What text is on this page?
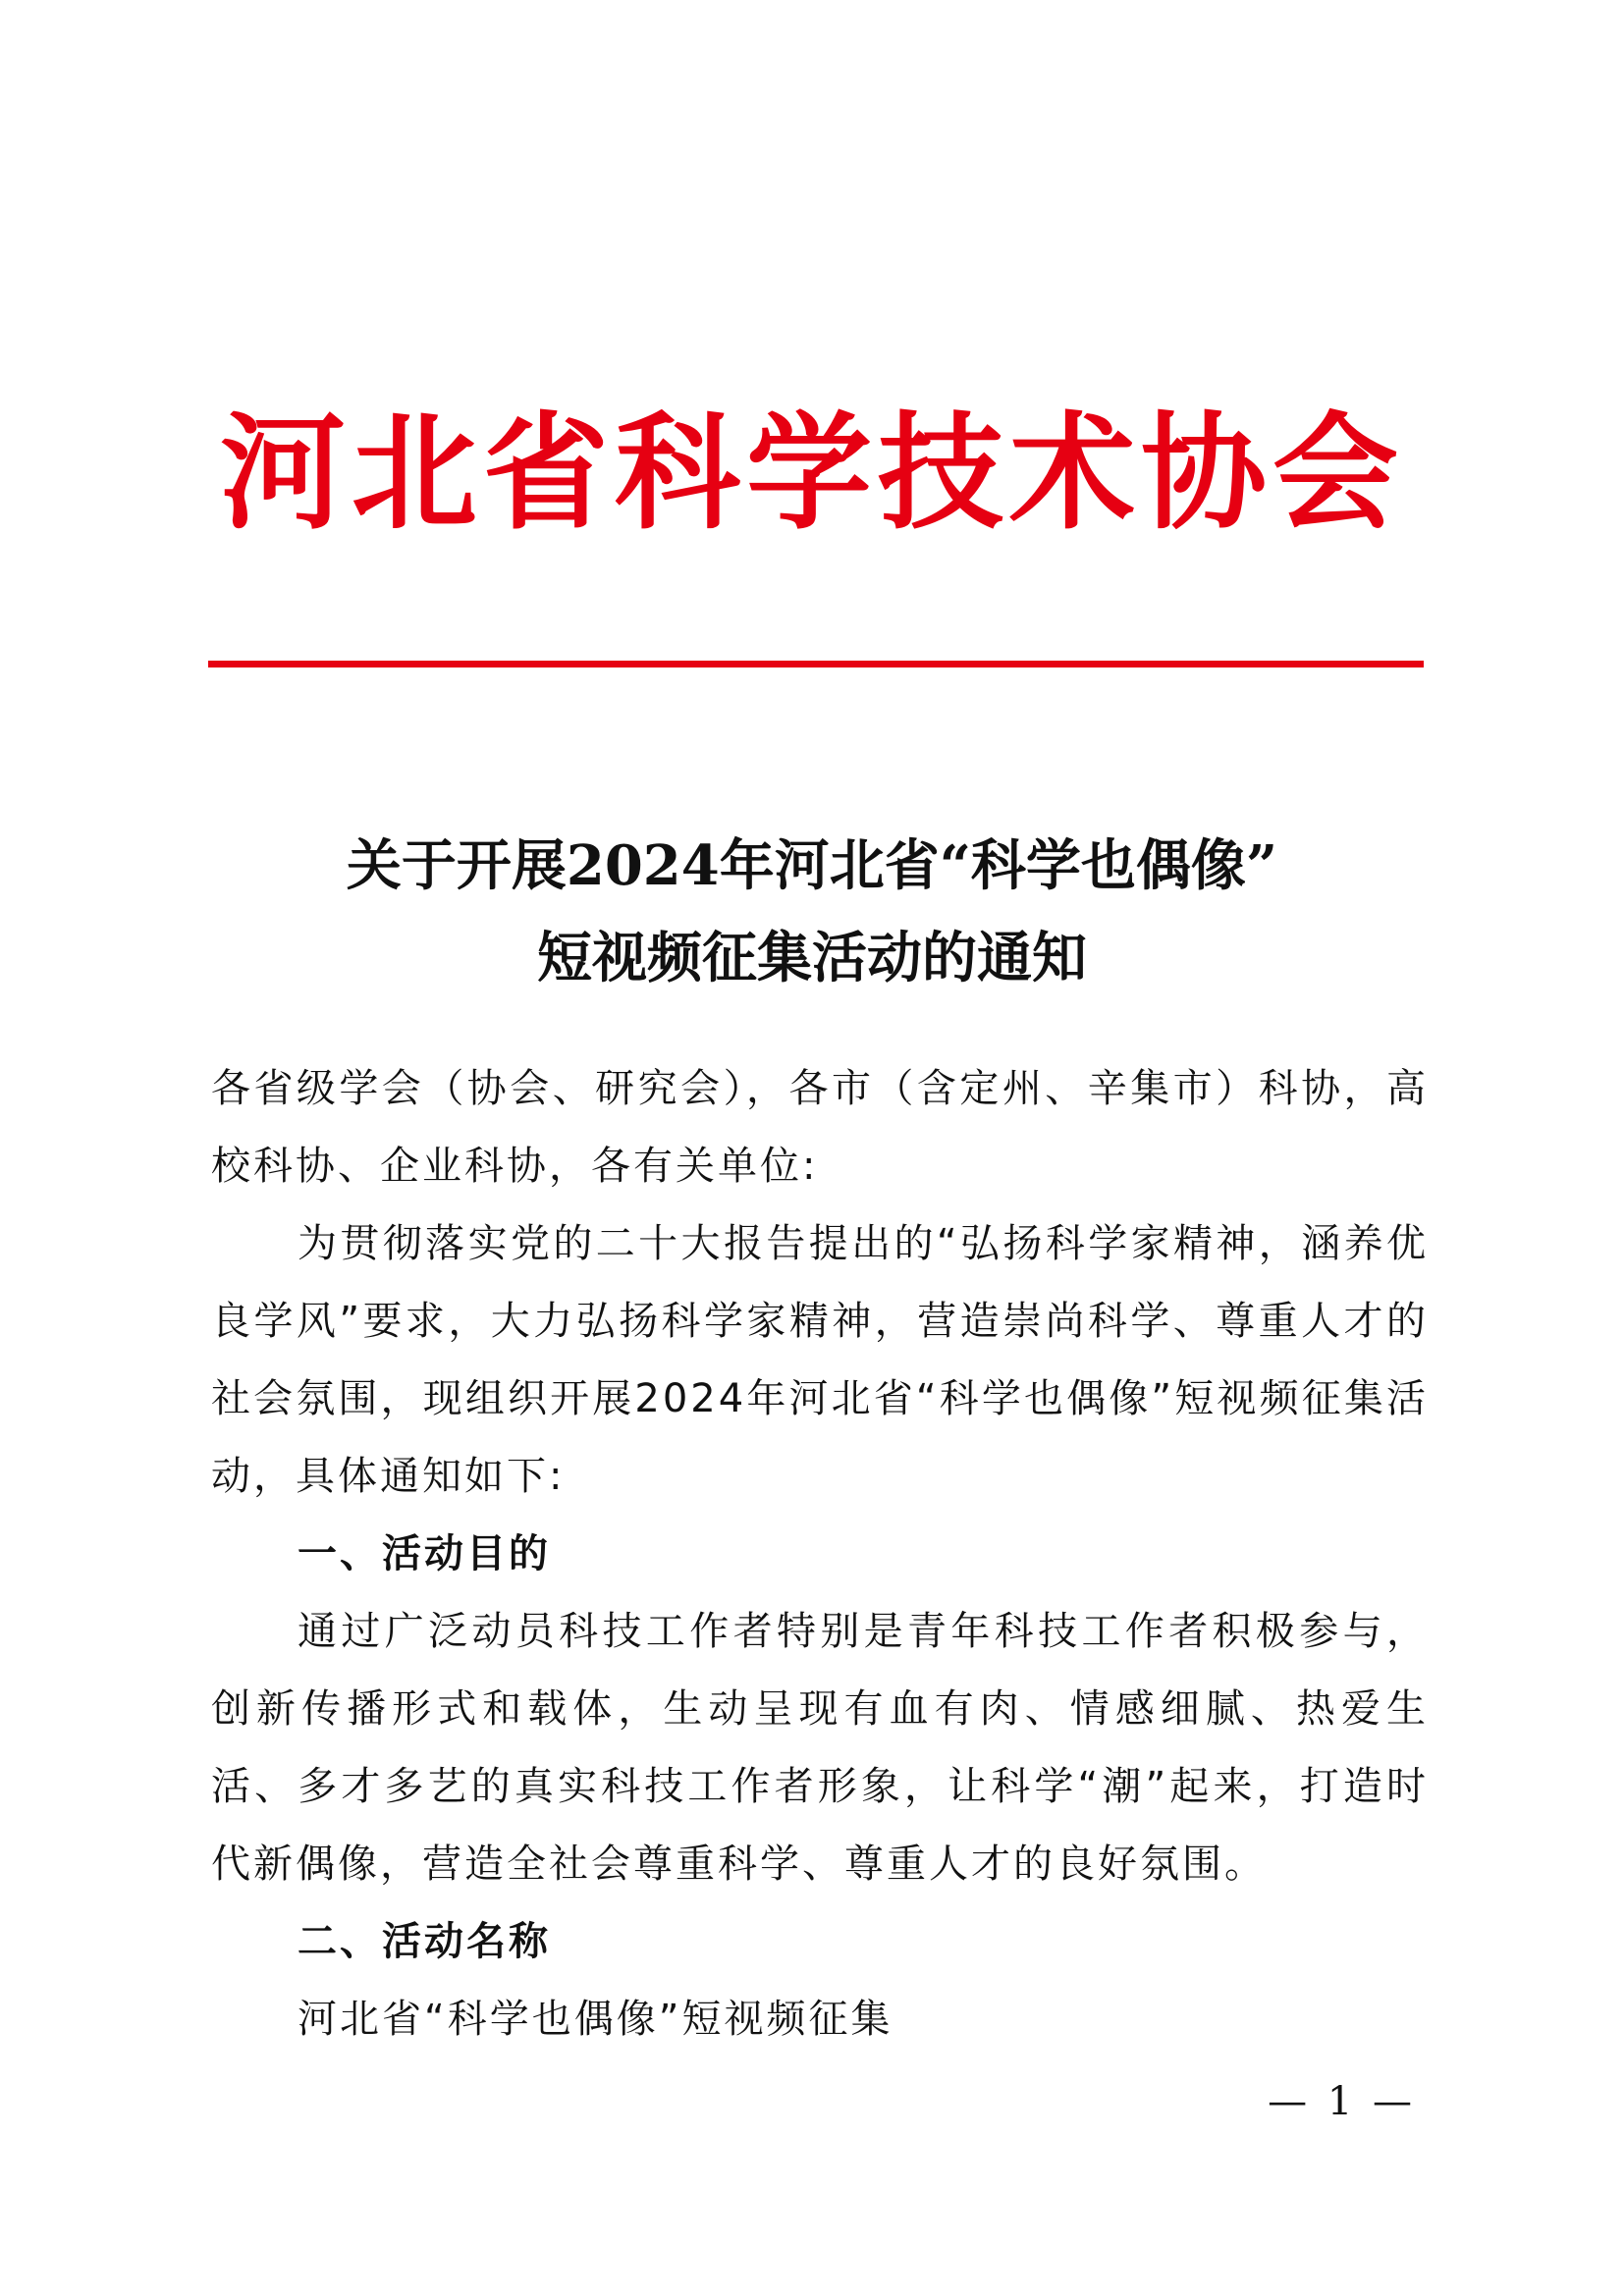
河北省科学技术协会
关于开展2024年河北省“科学也偶像”
短视频征集活动的通知

各省级学会（协会、研究会），各市（含定州、辛集市）科协，高校科协、企业科协，各有关单位:

为贯彻落实党的二十大报告提出的“弘扬科学家精神，涵养优良学风”要求，大力弘扬科学家精神，营造崇尚科学、尊重人才的社会氛围，现组织开展2024年河北省“科学也偶像”短视频征集活动，具体通知如下:

一、活动目的

通过广泛动员科技工作者特别是青年科技工作者积极参与，创新传播形式和载体，生动呈现有血有肉、情感细腻、热爱生活、多才多艺的真实科技工作者形象，让科学“潮”起来，打造时代新偶像，营造全社会尊重科学、尊重人才的良好氛围。

二、活动名称

河北省“科学也偶像”短视频征集

— 1 —
